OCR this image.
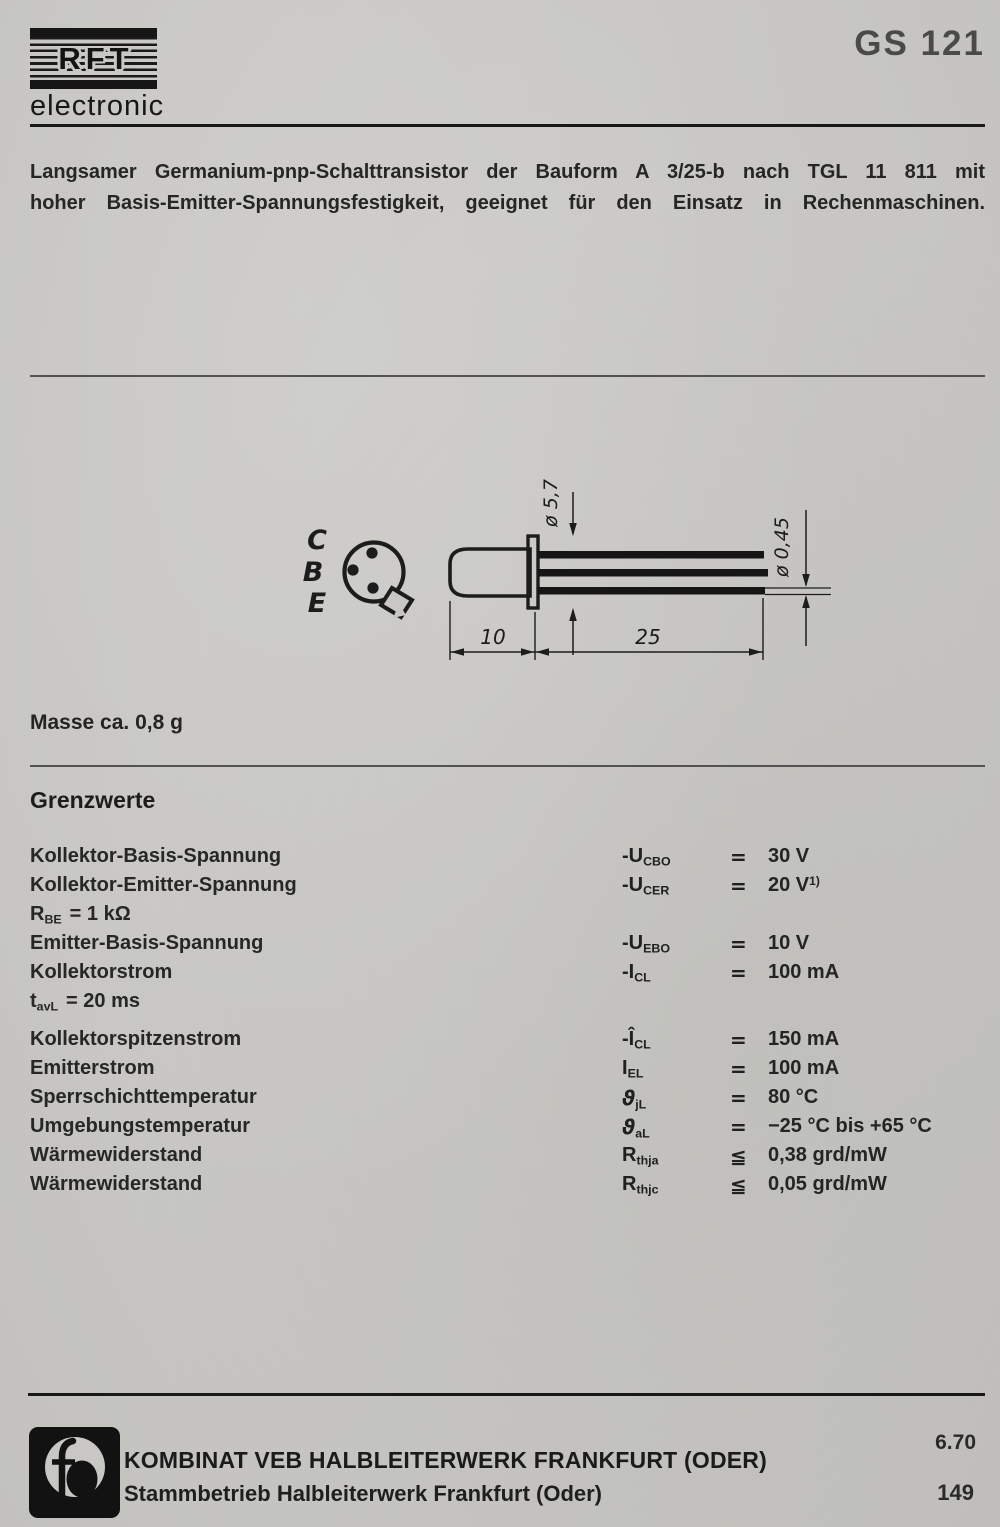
RFT
electronic
GS 121
Langsamer Germanium-pnp-Schalttransistor der Bauform A 3/25-b nach TGL 11 811 mit
hoher Basis-Emitter-Spannungsfestigkeit, geeignet für den Einsatz in Rechenmaschinen.
C
B
E
ø 5,7
ø 0,45
10	25
Masse ca. 0,8 g
Grenzwerte
Kollektor-Basis-Spannung	$-U_{CBO}$	=	30 V
Kollektor-Emitter-Spannung	$-U_{CER}$	=	20 $V^{1)}$
$R_{BE} = 1$ kΩ
Emitter-Basis-Spannung	$-U_{EBO}$	=	10 V
Kollektorstrom	$-I_{CL}$	=	100 mA
$t_{avL} = 20$ ms
Kollektorspitzenstrom	$-Î_{CL}$	=	150 mA
Emitterstrom	$I_{EL}$	=	100 mA
Sperrschichttemperatur	$ϑ_{jL}$	=	80 °C
Umgebungstemperatur	$ϑ_{aL}$	=	−25 °C bis +65 °C
Wärmewiderstand	$R_{thja}$	≦	0,38 grd/mW
Wärmewiderstand	$R_{thjc}$	≦	0,05 grd/mW
KOMBINAT VEB HALBLEITERWERK FRANKFURT (ODER)
Stammbetrieb Halbleiterwerk Frankfurt (Oder)
6.70
149
